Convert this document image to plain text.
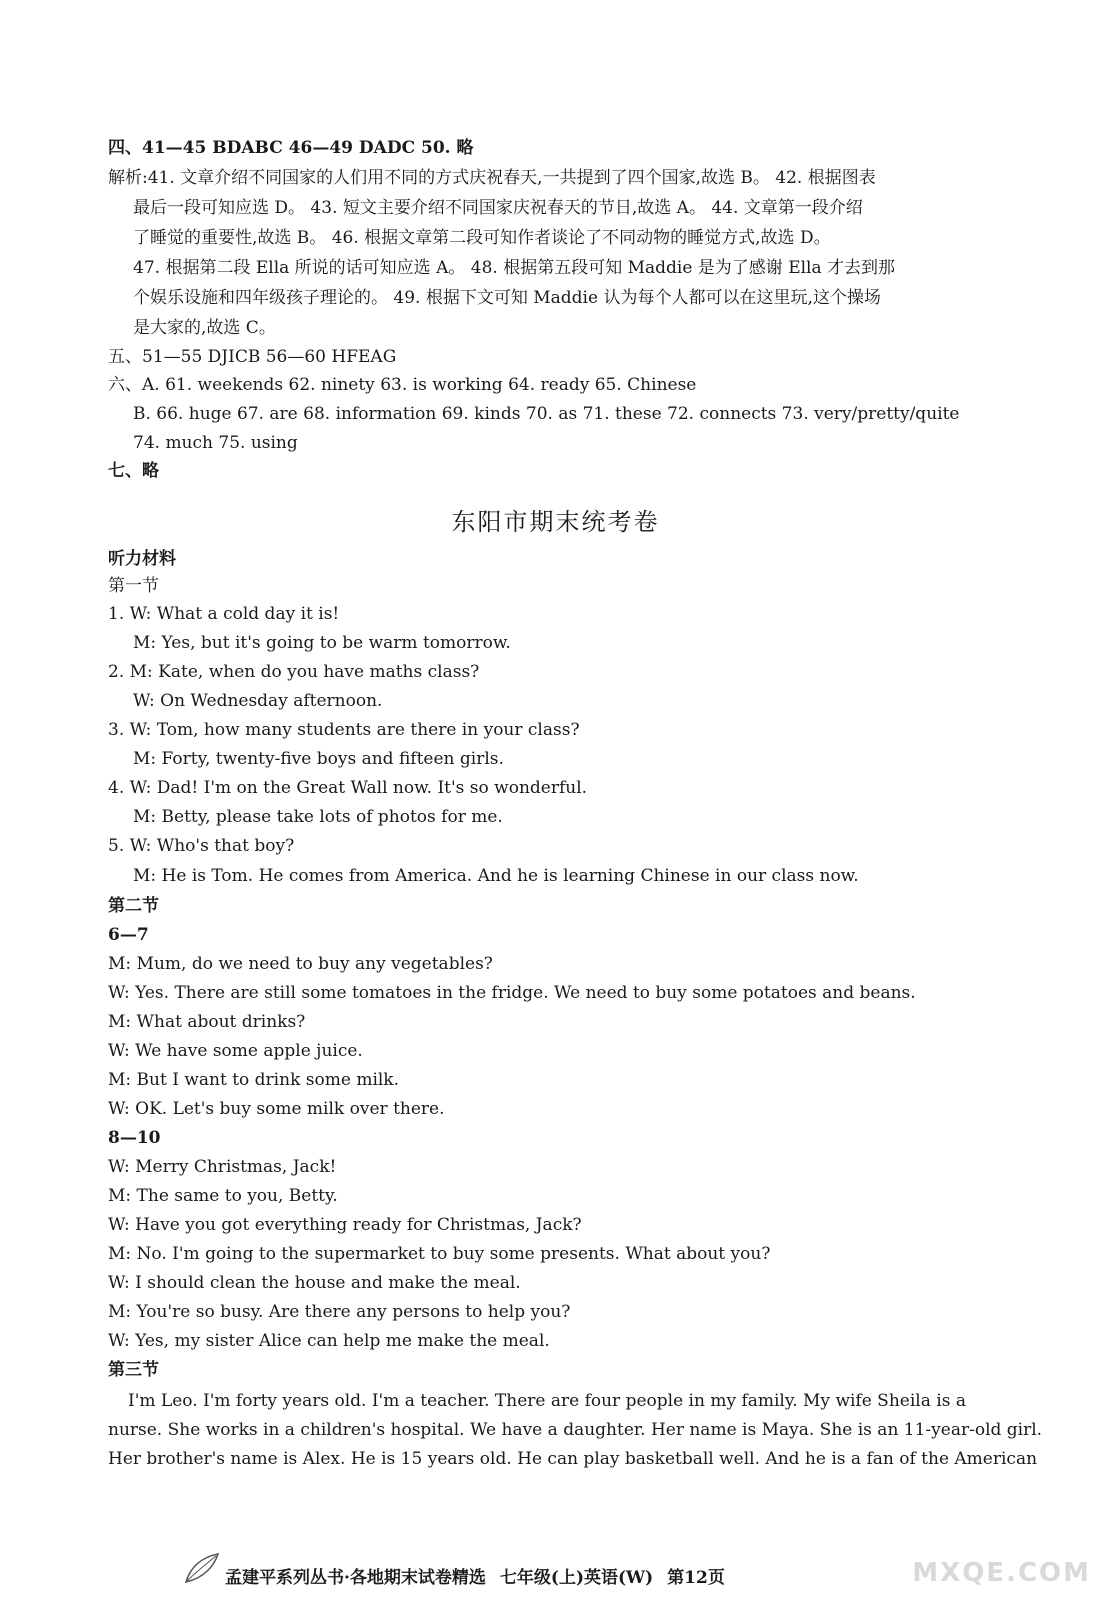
四、41—45 BDABC 46—49 DADC 50. 略
解析:41. 文章介绍不同国家的人们用不同的方式庆祝春天,一共提到了四个国家,故选 B。 42. 根据图表
最后一段可知应选 D。 43. 短文主要介绍不同国家庆祝春天的节日,故选 A。 44. 文章第一段介绍
了睡觉的重要性,故选 B。 46. 根据文章第二段可知作者谈论了不同动物的睡觉方式,故选 D。
47. 根据第二段 Ella 所说的话可知应选 A。 48. 根据第五段可知 Maddie 是为了感谢 Ella 才去到那
个娱乐设施和四年级孩子理论的。 49. 根据下文可知 Maddie 认为每个人都可以在这里玩,这个操场
是大家的,故选 C。
五、51—55 DJICB 56—60 HFEAG
六、A. 61. weekends 62. ninety 63. is working 64. ready 65. Chinese
B. 66. huge 67. are 68. information 69. kinds 70. as 71. these 72. connects 73. very/pretty/quite
74. much 75. using
七、略
东阳市期末统考卷
听力材料
第一节
1. W: What a cold day it is!
M: Yes, but it's going to be warm tomorrow.
2. M: Kate, when do you have maths class?
W: On Wednesday afternoon.
3. W: Tom, how many students are there in your class?
M: Forty, twenty-five boys and fifteen girls.
4. W: Dad! I'm on the Great Wall now. It's so wonderful.
M: Betty, please take lots of photos for me.
5. W: Who's that boy?
M: He is Tom. He comes from America. And he is learning Chinese in our class now.
第二节
6—7
M: Mum, do we need to buy any vegetables?
W: Yes. There are still some tomatoes in the fridge. We need to buy some potatoes and beans.
M: What about drinks?
W: We have some apple juice.
M: But I want to drink some milk.
W: OK. Let's buy some milk over there.
8—10
W: Merry Christmas, Jack!
M: The same to you, Betty.
W: Have you got everything ready for Christmas, Jack?
M: No. I'm going to the supermarket to buy some presents. What about you?
W: I should clean the house and make the meal.
M: You're so busy. Are there any persons to help you?
W: Yes, my sister Alice can help me make the meal.
第三节
I'm Leo. I'm forty years old. I'm a teacher. There are four people in my family. My wife Sheila is a
nurse. She works in a children's hospital. We have a daughter. Her name is Maya. She is an 11-year-old girl.
Her brother's name is Alex. He is 15 years old. He can play basketball well. And he is a fan of the American
孟建平系列丛书·各地期末试卷精选 七年级(上)英语(W) 第12页	MXQE.COM
